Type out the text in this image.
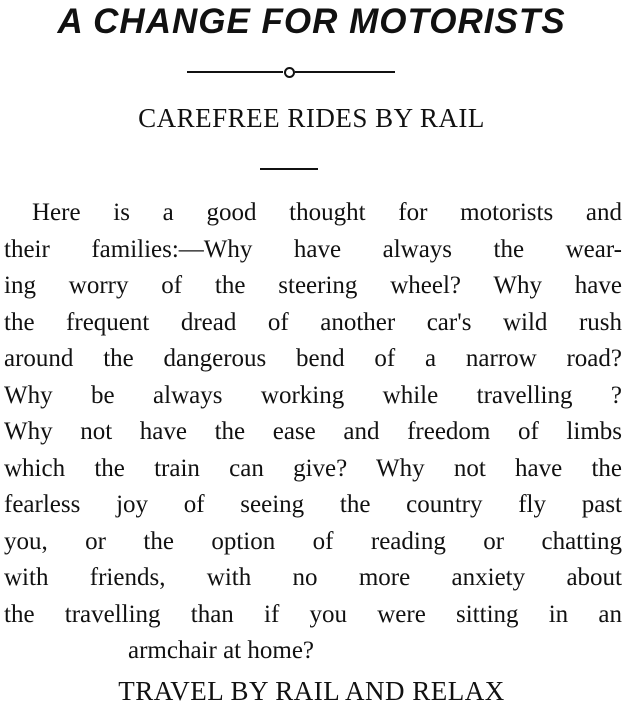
A CHANGE FOR MOTORISTS
CAREFREE RIDES BY RAIL
Here is a good thought for motorists and
their families:—Why have always the wear-
ing worry of the steering wheel? Why have
the frequent dread of another car's wild rush
around the dangerous bend of a narrow road?
Why be always working while travelling ?
Why not have the ease and freedom of limbs
which the train can give? Why not have the
fearless joy of seeing the country fly past
you, or the option of reading or chatting
with friends, with no more anxiety about
the travelling than if you were sitting in an
armchair at home?
TRAVEL BY RAIL AND RELAX
